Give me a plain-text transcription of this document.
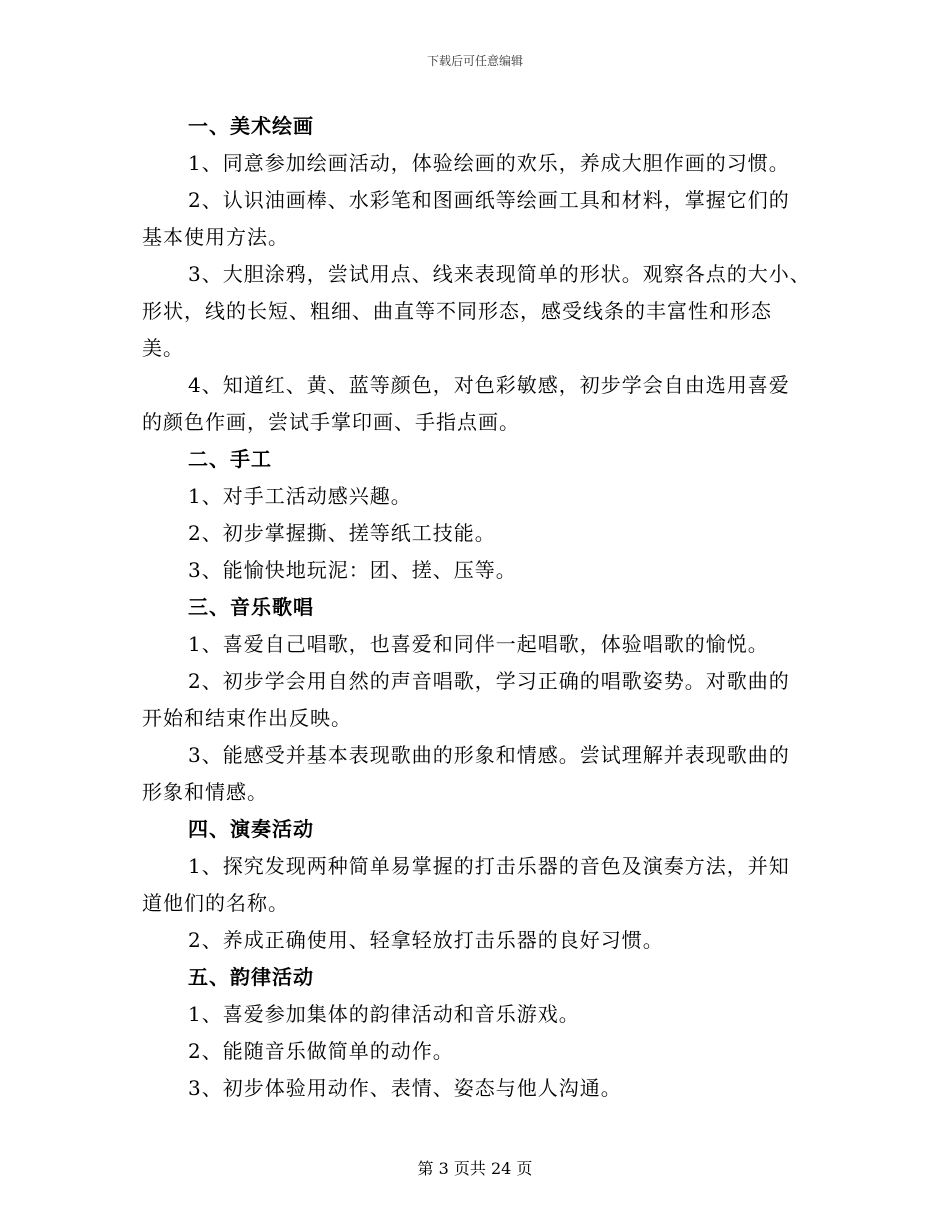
下载后可任意编辑
一、美术绘画
1、同意参加绘画活动，体验绘画的欢乐，养成大胆作画的习惯。
2、认识油画棒、水彩笔和图画纸等绘画工具和材料，掌握它们的
基本使用方法。
3、大胆涂鸦，尝试用点、线来表现简单的形状。观察各点的大小、
形状，线的长短、粗细、曲直等不同形态，感受线条的丰富性和形态
美。
4、知道红、黄、蓝等颜色，对色彩敏感，初步学会自由选用喜爱
的颜色作画，尝试手掌印画、手指点画。
二、手工
1、对手工活动感兴趣。
2、初步掌握撕、搓等纸工技能。
3、能愉快地玩泥：团、搓、压等。
三、音乐歌唱
1、喜爱自己唱歌，也喜爱和同伴一起唱歌，体验唱歌的愉悦。
2、初步学会用自然的声音唱歌，学习正确的唱歌姿势。对歌曲的
开始和结束作出反映。
3、能感受并基本表现歌曲的形象和情感。尝试理解并表现歌曲的
形象和情感。
四、演奏活动
1、探究发现两种简单易掌握的打击乐器的音色及演奏方法，并知
道他们的名称。
2、养成正确使用、轻拿轻放打击乐器的良好习惯。
五、韵律活动
1、喜爱参加集体的韵律活动和音乐游戏。
2、能随音乐做简单的动作。
3、初步体验用动作、表情、姿态与他人沟通。
第 3 页共 24 页
